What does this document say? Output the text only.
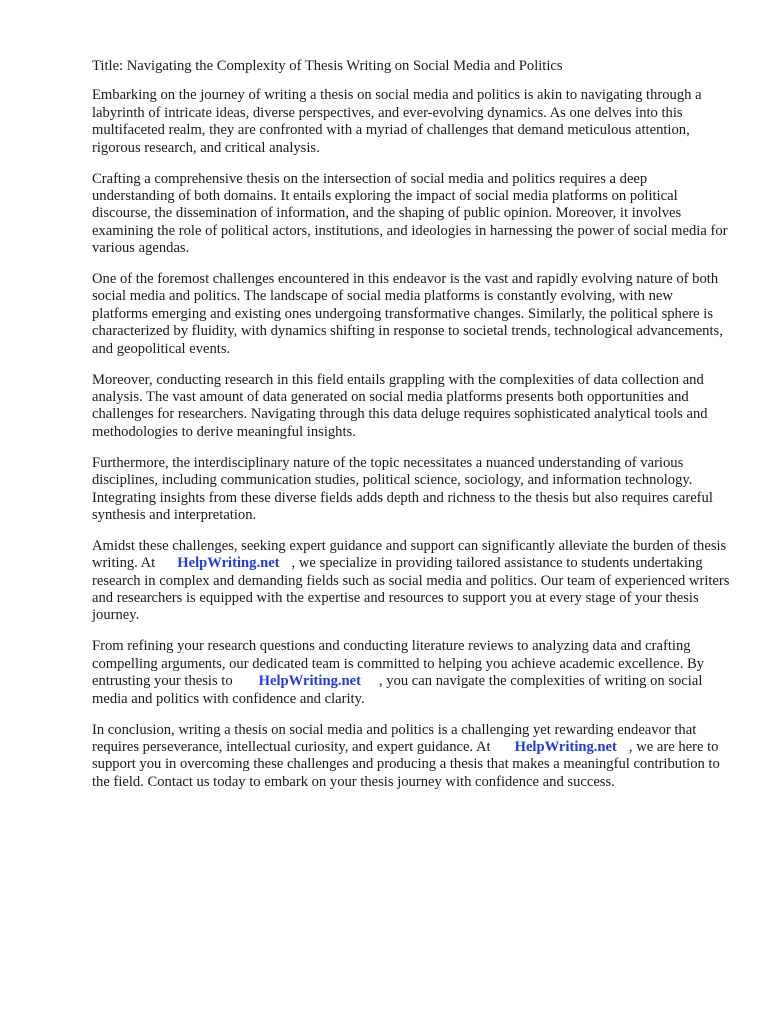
Title: Navigating the Complexity of Thesis Writing on Social Media and Politics

Embarking on the journey of writing a thesis on social media and politics is akin to navigating through a labyrinth of intricate ideas, diverse perspectives, and ever-evolving dynamics. As one delves into this multifaceted realm, they are confronted with a myriad of challenges that demand meticulous attention, rigorous research, and critical analysis.

Crafting a comprehensive thesis on the intersection of social media and politics requires a deep understanding of both domains. It entails exploring the impact of social media platforms on political discourse, the dissemination of information, and the shaping of public opinion. Moreover, it involves examining the role of political actors, institutions, and ideologies in harnessing the power of social media for various agendas.

One of the foremost challenges encountered in this endeavor is the vast and rapidly evolving nature of both social media and politics. The landscape of social media platforms is constantly evolving, with new platforms emerging and existing ones undergoing transformative changes. Similarly, the political sphere is characterized by fluidity, with dynamics shifting in response to societal trends, technological advancements, and geopolitical events.

Moreover, conducting research in this field entails grappling with the complexities of data collection and analysis. The vast amount of data generated on social media platforms presents both opportunities and challenges for researchers. Navigating through this data deluge requires sophisticated analytical tools and methodologies to derive meaningful insights.

Furthermore, the interdisciplinary nature of the topic necessitates a nuanced understanding of various disciplines, including communication studies, political science, sociology, and information technology. Integrating insights from these diverse fields adds depth and richness to the thesis but also requires careful synthesis and interpretation.

Amidst these challenges, seeking expert guidance and support can significantly alleviate the burden of thesis writing. At HelpWriting.net , we specialize in providing tailored assistance to students undertaking research in complex and demanding fields such as social media and politics. Our team of experienced writers and researchers is equipped with the expertise and resources to support you at every stage of your thesis journey.

From refining your research questions and conducting literature reviews to analyzing data and crafting compelling arguments, our dedicated team is committed to helping you achieve academic excellence. By entrusting your thesis to HelpWriting.net , you can navigate the complexities of writing on social media and politics with confidence and clarity.

In conclusion, writing a thesis on social media and politics is a challenging yet rewarding endeavor that requires perseverance, intellectual curiosity, and expert guidance. At HelpWriting.net , we are here to support you in overcoming these challenges and producing a thesis that makes a meaningful contribution to the field. Contact us today to embark on your thesis journey with confidence and success.
